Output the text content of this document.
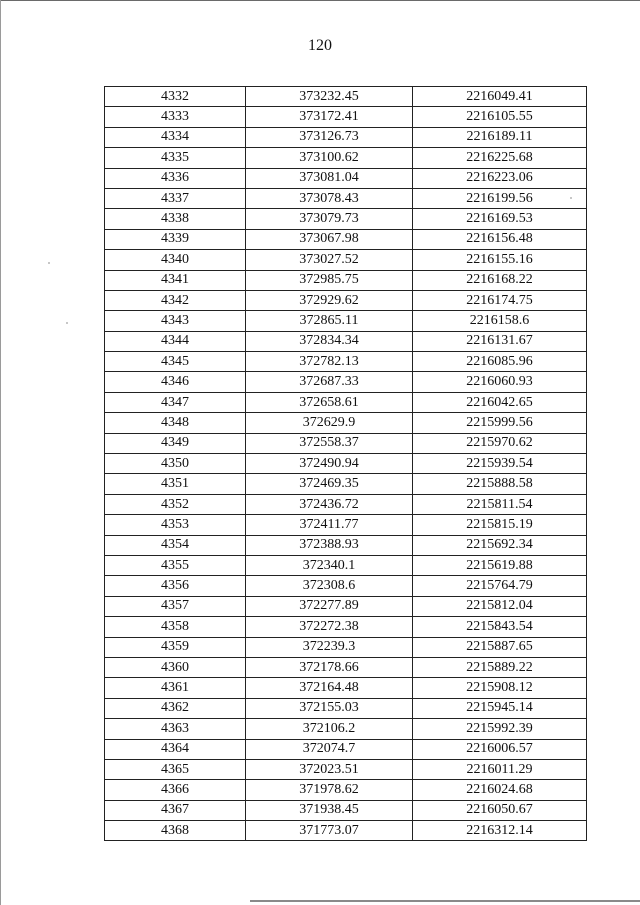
120
4332	373232.45	2216049.41
4333	373172.41	2216105.55
4334	373126.73	2216189.11
4335	373100.62	2216225.68
4336	373081.04	2216223.06
4337	373078.43	2216199.56
4338	373079.73	2216169.53
4339	373067.98	2216156.48
4340	373027.52	2216155.16
4341	372985.75	2216168.22
4342	372929.62	2216174.75
4343	372865.11	2216158.6
4344	372834.34	2216131.67
4345	372782.13	2216085.96
4346	372687.33	2216060.93
4347	372658.61	2216042.65
4348	372629.9	2215999.56
4349	372558.37	2215970.62
4350	372490.94	2215939.54
4351	372469.35	2215888.58
4352	372436.72	2215811.54
4353	372411.77	2215815.19
4354	372388.93	2215692.34
4355	372340.1	2215619.88
4356	372308.6	2215764.79
4357	372277.89	2215812.04
4358	372272.38	2215843.54
4359	372239.3	2215887.65
4360	372178.66	2215889.22
4361	372164.48	2215908.12
4362	372155.03	2215945.14
4363	372106.2	2215992.39
4364	372074.7	2216006.57
4365	372023.51	2216011.29
4366	371978.62	2216024.68
4367	371938.45	2216050.67
4368	371773.07	2216312.14
